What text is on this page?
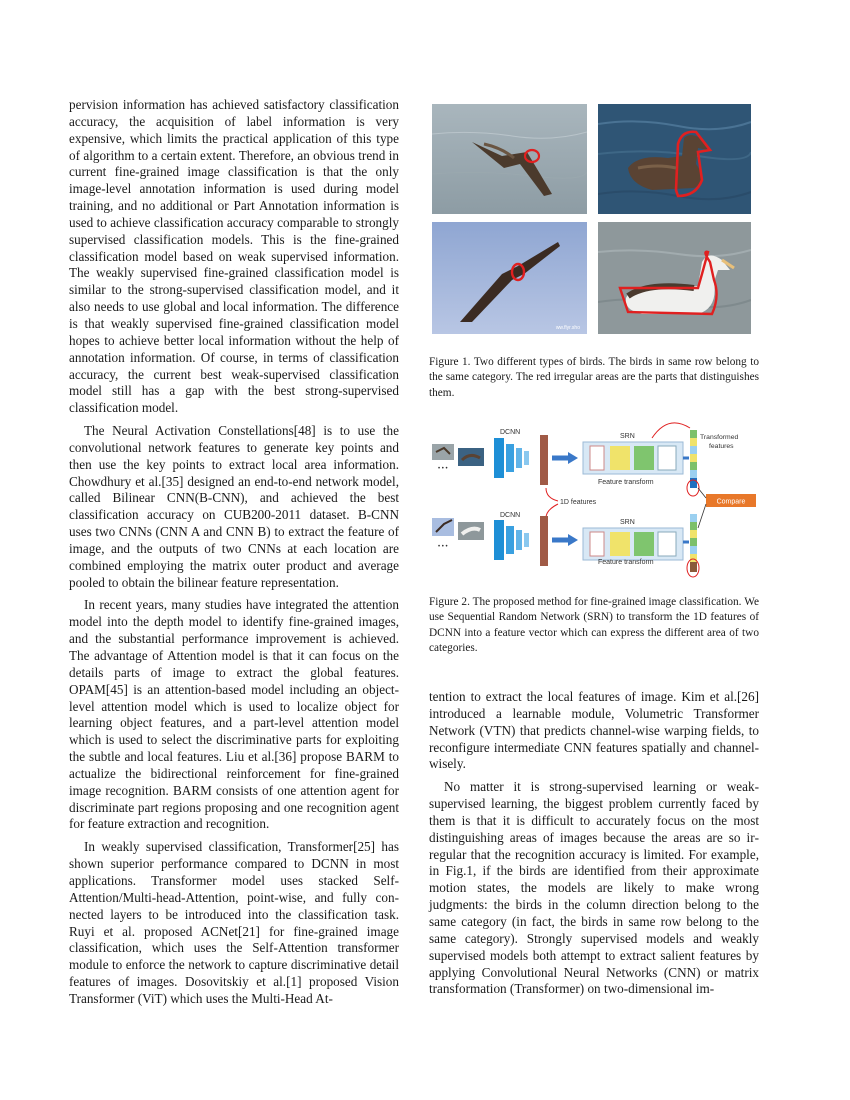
pervision information has achieved satisfactory classification accuracy, the acquisition of label information is very expensive, which limits the practical application of this type of algorithm to a certain extent. Therefore, an obvious trend in current fine-grained image classification is that the only image-level annotation information is used during model training, and no additional or Part Annotation information is used to achieve classification accuracy comparable to strongly supervised classification models. This is the fine-grained classification model based on weak supervised information. The weakly supervised fine-grained classification model is similar to the strong-supervised classification model, and it also needs to use global and local information. The difference is that weakly supervised fine-grained classification model hopes to achieve better local information without the help of annotation information. Of course, in terms of classification accuracy, the current best weak-supervised classification model still has a gap with the best strong-supervised classification model.

The Neural Activation Constellations[48] is to use the convolutional network features to generate key points and then use the key points to extract local area information. Chowdhury et al.[35] designed an end-to-end network model, called Bilinear CNN(B-CNN), and achieved the best classification accuracy on CUB200-2011 dataset. B-CNN uses two CNNs (CNN A and CNN B) to extract the feature of image, and the outputs of two CNNs at each location are combined employing the matrix outer product and average pooled to obtain the bilinear feature representation.

In recent years, many studies have integrated the attention model into the depth model to identify fine-grained images, and the substantial performance improvement is achieved. The advantage of Attention model is that it can focus on the details parts of image to extract the global features. OPAM[45] is an attention-based model including an object-level attention model which is used to localize object for learning object features, and a part-level attention model which is used to select the discriminative parts for exploiting the subtle and local features. Liu et al.[36] propose BARM to actualize the bidirectional reinforcement for fine-grained image recognition. BARM consists of one attention agent for discriminate part regions proposing and one recognition agent for feature extraction and recognition.

In weakly supervised classification, Transformer[25] has shown superior performance compared to DCNN in most applications. Transformer model uses stacked Self-Attention/Multi-head-Attention, point-wise, and fully connected layers to be introduced into the classification task. Ruyi et al. proposed ACNet[21] for fine-grained image classification, which uses the Self-Attention transformer module to enforce the network to capture discriminative detail features of images. Dosovitskiy et al.[1] proposed Vision Transformer (ViT) which uses the Multi-Head At-

ww.flyr.sho
Figure 1. Two different types of birds. The birds in same row belong to the same category. The red irregular areas are the parts that distinguishes them.
• • •
DCNN
SRN
Feature transform
Transformed
features
1D features	Compare
• • •
DCNN
SRN
Feature transform
Figure 2. The proposed method for fine-grained image classification. We use Sequential Random Network (SRN) to transform the 1D features of DCNN into a feature vector which can express the different area of two categories.

tention to extract the local features of image. Kim et al.[26] introduced a learnable module, Volumetric Transformer Network (VTN) that predicts channel-wise warping fields, to reconfigure intermediate CNN features spatially and channel-wisely.

No matter it is strong-supervised learning or weak-supervised learning, the biggest problem currently faced by them is that it is difficult to accurately focus on the most distinguishing areas of images because the areas are so irregular that the recognition accuracy is limited. For example, in Fig.1, if the birds are identified from their approximate motion states, the models are likely to make wrong judgments: the birds in the column direction belong to the same category (in fact, the birds in same row belong to the same category). Strongly supervised models and weakly supervised models both attempt to extract salient features by applying Convolutional Neural Networks (CNN) or matrix transformation (Transformer) on two-dimensional im-
